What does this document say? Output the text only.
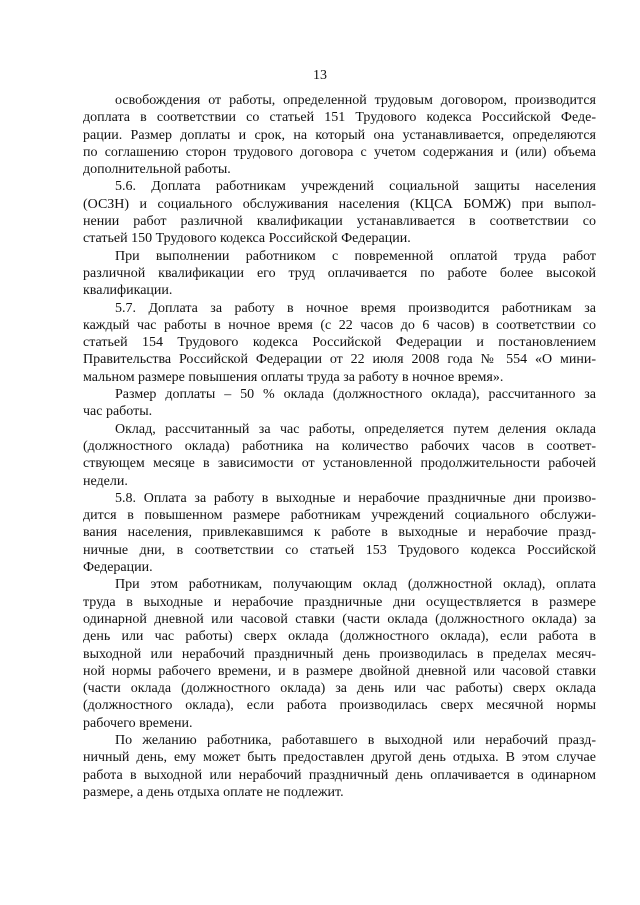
13
освобождения от работы, определенной трудовым договором, производится
доплата в соответствии со статьей 151 Трудового кодекса Российской Феде-
рации. Размер доплаты и срок, на который она устанавливается, определяются
по соглашению сторон трудового договора с учетом содержания и (или) объема
дополнительной работы.
5.6. Доплата работникам учреждений социальной защиты населения
(ОСЗН) и социального обслуживания населения (КЦСА БОМЖ) при выпол-
нении работ различной квалификации устанавливается в соответствии со
статьей 150 Трудового кодекса Российской Федерации.
При выполнении работником с повременной оплатой труда работ
различной квалификации его труд оплачивается по работе более высокой
квалификации.
5.7. Доплата за работу в ночное время производится работникам за
каждый час работы в ночное время (с 22 часов до 6 часов) в соответствии со
статьей 154 Трудового кодекса Российской Федерации и постановлением
Правительства Российской Федерации от 22 июля 2008 года № 554 «О мини-
мальном размере повышения оплаты труда за работу в ночное время».
Размер доплаты – 50 % оклада (должностного оклада), рассчитанного за
час работы.
Оклад, рассчитанный за час работы, определяется путем деления оклада
(должностного оклада) работника на количество рабочих часов в соответ-
ствующем месяце в зависимости от установленной продолжительности рабочей
недели.
5.8. Оплата за работу в выходные и нерабочие праздничные дни произво-
дится в повышенном размере работникам учреждений социального обслужи-
вания населения, привлекавшимся к работе в выходные и нерабочие празд-
ничные дни, в соответствии со статьей 153 Трудового кодекса Российской
Федерации.
При этом работникам, получающим оклад (должностной оклад), оплата
труда в выходные и нерабочие праздничные дни осуществляется в размере
одинарной дневной или часовой ставки (части оклада (должностного оклада) за
день или час работы) сверх оклада (должностного оклада), если работа в
выходной или нерабочий праздничный день производилась в пределах месяч-
ной нормы рабочего времени, и в размере двойной дневной или часовой ставки
(части оклада (должностного оклада) за день или час работы) сверх оклада
(должностного оклада), если работа производилась сверх месячной нормы
рабочего времени.
По желанию работника, работавшего в выходной или нерабочий празд-
ничный день, ему может быть предоставлен другой день отдыха. В этом случае
работа в выходной или нерабочий праздничный день оплачивается в одинарном
размере, а день отдыха оплате не подлежит.
